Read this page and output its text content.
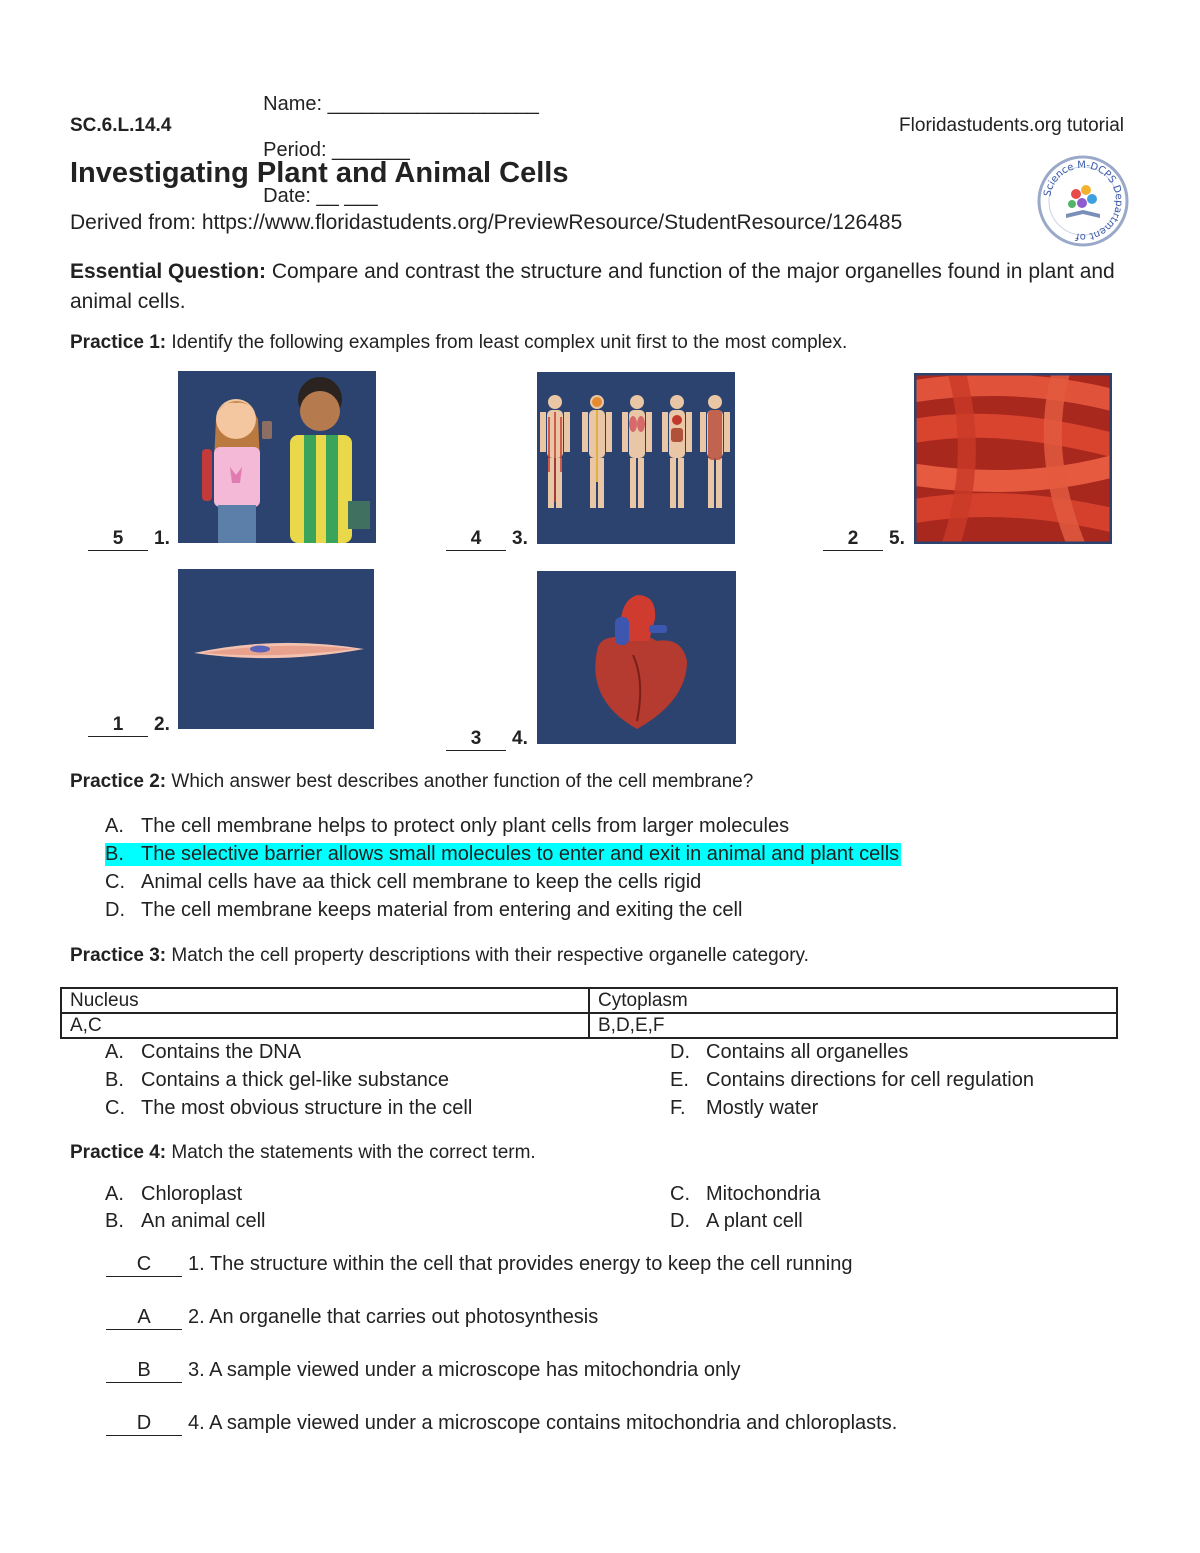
Name: ___________________

Period: _______

Date: __ ___

SC.6.L.14.4	Floridastudents.org tutorial
Investigating Plant and Animal Cells
Derived from: https://www.floridastudents.org/PreviewResource/StudentResource/126485
Science M-DCPS Department of
Essential Question: Compare and contrast the structure and function of the major organelles found in plant and animal cells.
Practice 1: Identify the following examples from least complex unit first to the most complex.
5 1.	4 3.	2 5.
1 2.
3 4.
Practice 2: Which answer best describes another function of the cell membrane?
A. The cell membrane helps to protect only plant cells from larger molecules
B. The selective barrier allows small molecules to enter and exit in animal and plant cells
C. Animal cells have aa thick cell membrane to keep the cells rigid
D. The cell membrane keeps material from entering and exiting the cell
Practice 3: Match the cell property descriptions with their respective organelle category.
Nucleus	Cytoplasm
A,C	B,D,E,F
A. Contains the DNA
B. Contains a thick gel-like substance
C. The most obvious structure in the cell
D. Contains all organelles
E. Contains directions for cell regulation
F. Mostly water
Practice 4: Match the statements with the correct term.
A. Chloroplast
B. An animal cell
C. Mitochondria
D. A plant cell
C 1. The structure within the cell that provides energy to keep the cell running
A 2. An organelle that carries out photosynthesis
B 3. A sample viewed under a microscope has mitochondria only
D 4. A sample viewed under a microscope contains mitochondria and chloroplasts.
